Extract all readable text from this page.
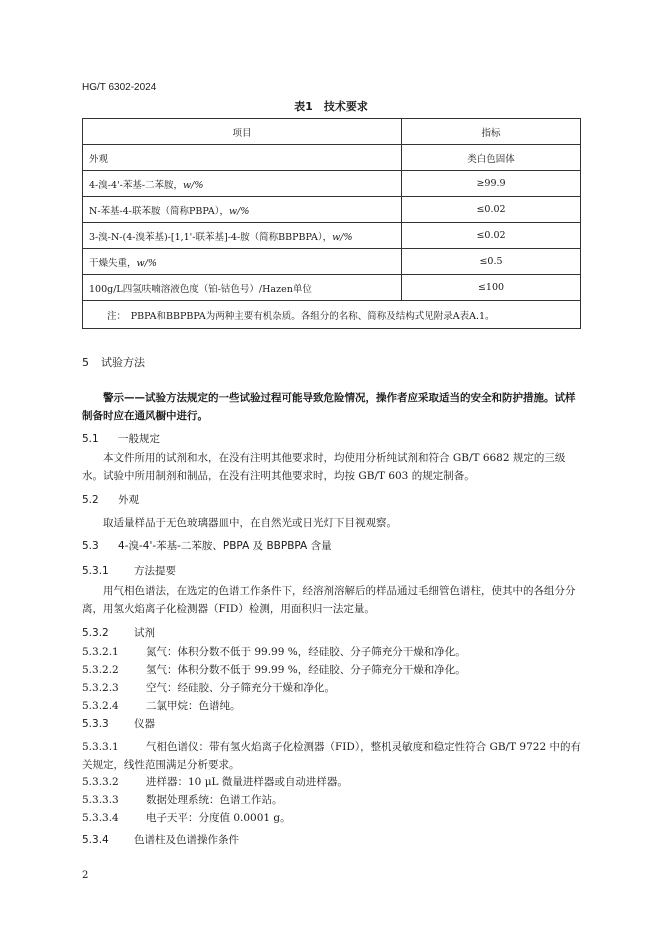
HG/T 6302-2024
表1　技术要求
项目	指标
外观	类白色固体
4-溴-4'-苯基-二苯胺，w/%	≥99.9
N-苯基-4-联苯胺（简称PBPA），w/%	≤0.02
3-溴-N-(4-溴苯基)-[1,1'-联苯基]-4-胺（简称BBPBPA），w/%	≤0.02
干燥失重，w/%	≤0.5
100g/L四氢呋喃溶液色度（铂-钴色号）/Hazen单位	≤100
注：　PBPA和BBPBPA为两种主要有机杂质。各组分的名称、简称及结构式见附录A表A.1。	
5 试验方法
警示——试验方法规定的一些试验过程可能导致危险情况，操作者应采取适当的安全和防护措施。试样制备时应在通风橱中进行。
5.1 一般规定
本文件所用的试剂和水，在没有注明其他要求时，均使用分析纯试剂和符合 GB/T 6682 规定的三级水。试验中所用制剂和制品，在没有注明其他要求时，均按 GB/T 603 的规定制备。
5.2 外观
取适量样品于无色玻璃器皿中，在自然光或日光灯下目视观察。
5.3 4-溴-4'-苯基-二苯胺、PBPA 及 BBPBPA 含量
5.3.1 方法提要
用气相色谱法，在选定的色谱工作条件下，经溶剂溶解后的样品通过毛细管色谱柱，使其中的各组分分离，用氢火焰离子化检测器（FID）检测，用面积归一法定量。
5.3.2 试剂
5.3.2.1	氮气：体积分数不低于 99.99 %，经硅胶、分子筛充分干燥和净化。
5.3.2.2	氢气：体积分数不低于 99.99 %，经硅胶、分子筛充分干燥和净化。
5.3.2.3	空气：经硅胶、分子筛充分干燥和净化。
5.3.2.4	二氯甲烷：色谱纯。
5.3.3 仪器
5.3.3.1	气相色谱仪：带有氢火焰离子化检测器（FID），整机灵敏度和稳定性符合 GB/T 9722 中的有关规定，线性范围满足分析要求。
5.3.3.2	进样器：10 μL 微量进样器或自动进样器。
5.3.3.3	数据处理系统：色谱工作站。
5.3.3.4	电子天平：分度值 0.0001 g。
5.3.4 色谱柱及色谱操作条件
2
